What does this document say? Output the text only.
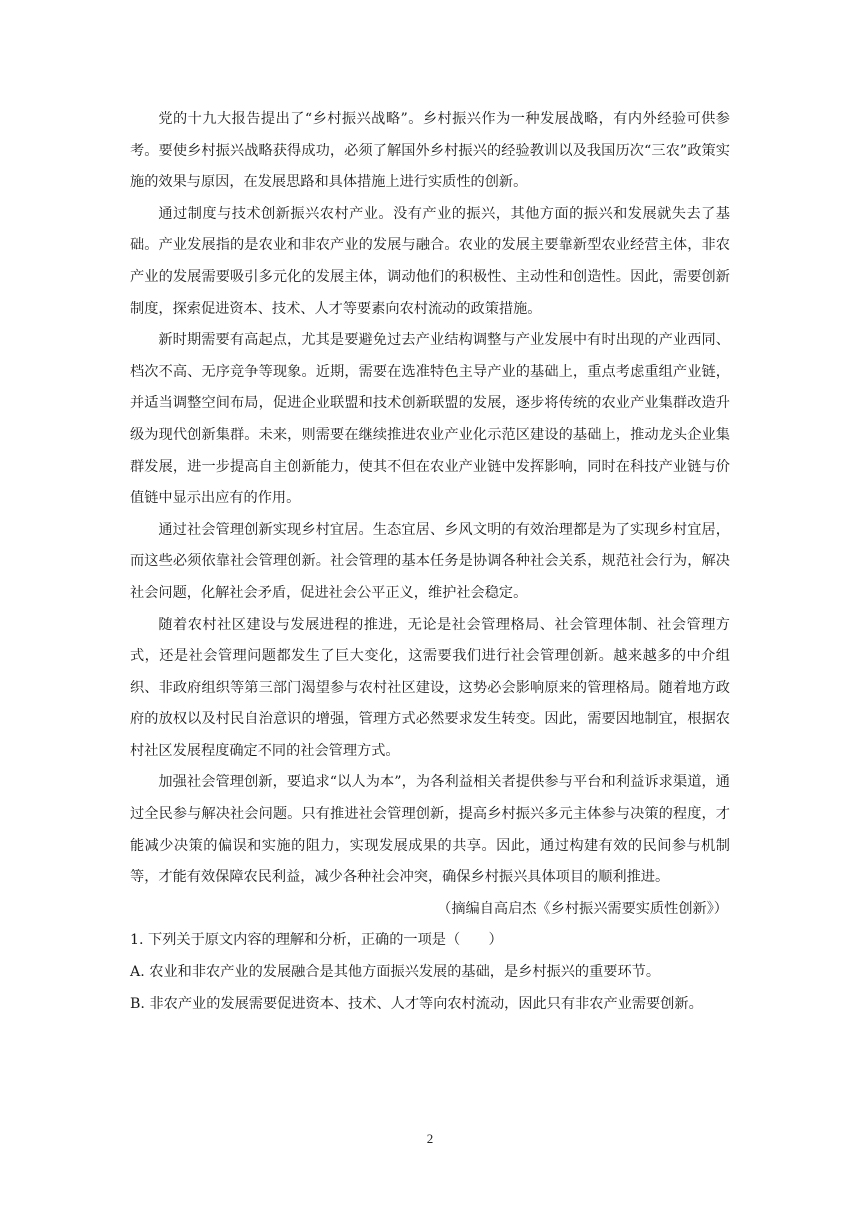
党的十九大报告提出了“乡村振兴战略”。乡村振兴作为一种发展战略，有内外经验可供参考。要使乡村振兴战略获得成功，必须了解国外乡村振兴的经验教训以及我国历次“三农”政策实施的效果与原因，在发展思路和具体措施上进行实质性的创新。

通过制度与技术创新振兴农村产业。没有产业的振兴，其他方面的振兴和发展就失去了基础。产业发展指的是农业和非农产业的发展与融合。农业的发展主要靠新型农业经营主体，非农产业的发展需要吸引多元化的发展主体，调动他们的积极性、主动性和创造性。因此，需要创新制度，探索促进资本、技术、人才等要素向农村流动的政策措施。

新时期需要有高起点，尤其是要避免过去产业结构调整与产业发展中有时出现的产业西同、档次不高、无序竞争等现象。近期，需要在选准特色主导产业的基础上，重点考虑重组产业链，并适当调整空间布局，促进企业联盟和技术创新联盟的发展，逐步将传统的农业产业集群改造升级为现代创新集群。未来，则需要在继续推进农业产业化示范区建设的基础上，推动龙头企业集群发展，进一步提高自主创新能力，使其不但在农业产业链中发挥影响，同时在科技产业链与价值链中显示出应有的作用。

通过社会管理创新实现乡村宜居。生态宜居、乡风文明的有效治理都是为了实现乡村宜居，而这些必须依靠社会管理创新。社会管理的基本任务是协调各种社会关系，规范社会行为，解决社会问题，化解社会矛盾，促进社会公平正义，维护社会稳定。

随着农村社区建设与发展进程的推进，无论是社会管理格局、社会管理体制、社会管理方式，还是社会管理问题都发生了巨大变化，这需要我们进行社会管理创新。越来越多的中介组织、非政府组织等第三部门渴望参与农村社区建设，这势必会影响原来的管理格局。随着地方政府的放权以及村民自治意识的增强，管理方式必然要求发生转变。因此，需要因地制宜，根据农村社区发展程度确定不同的社会管理方式。

加强社会管理创新，要追求“以人为本”，为各利益相关者提供参与平台和利益诉求渠道，通过全民参与解决社会问题。只有推进社会管理创新，提高乡村振兴多元主体参与决策的程度，才能减少决策的偏误和实施的阻力，实现发展成果的共享。因此，通过构建有效的民间参与机制等，才能有效保障农民利益，减少各种社会冲突，确保乡村振兴具体项目的顺利推进。

（摘编自高启杰《乡村振兴需要实质性创新》）

1. 下列关于原文内容的理解和分析，正确的一项是（　　）

A. 农业和非农产业的发展融合是其他方面振兴发展的基础，是乡村振兴的重要环节。

B. 非农产业的发展需要促进资本、技术、人才等向农村流动，因此只有非农产业需要创新。

2
